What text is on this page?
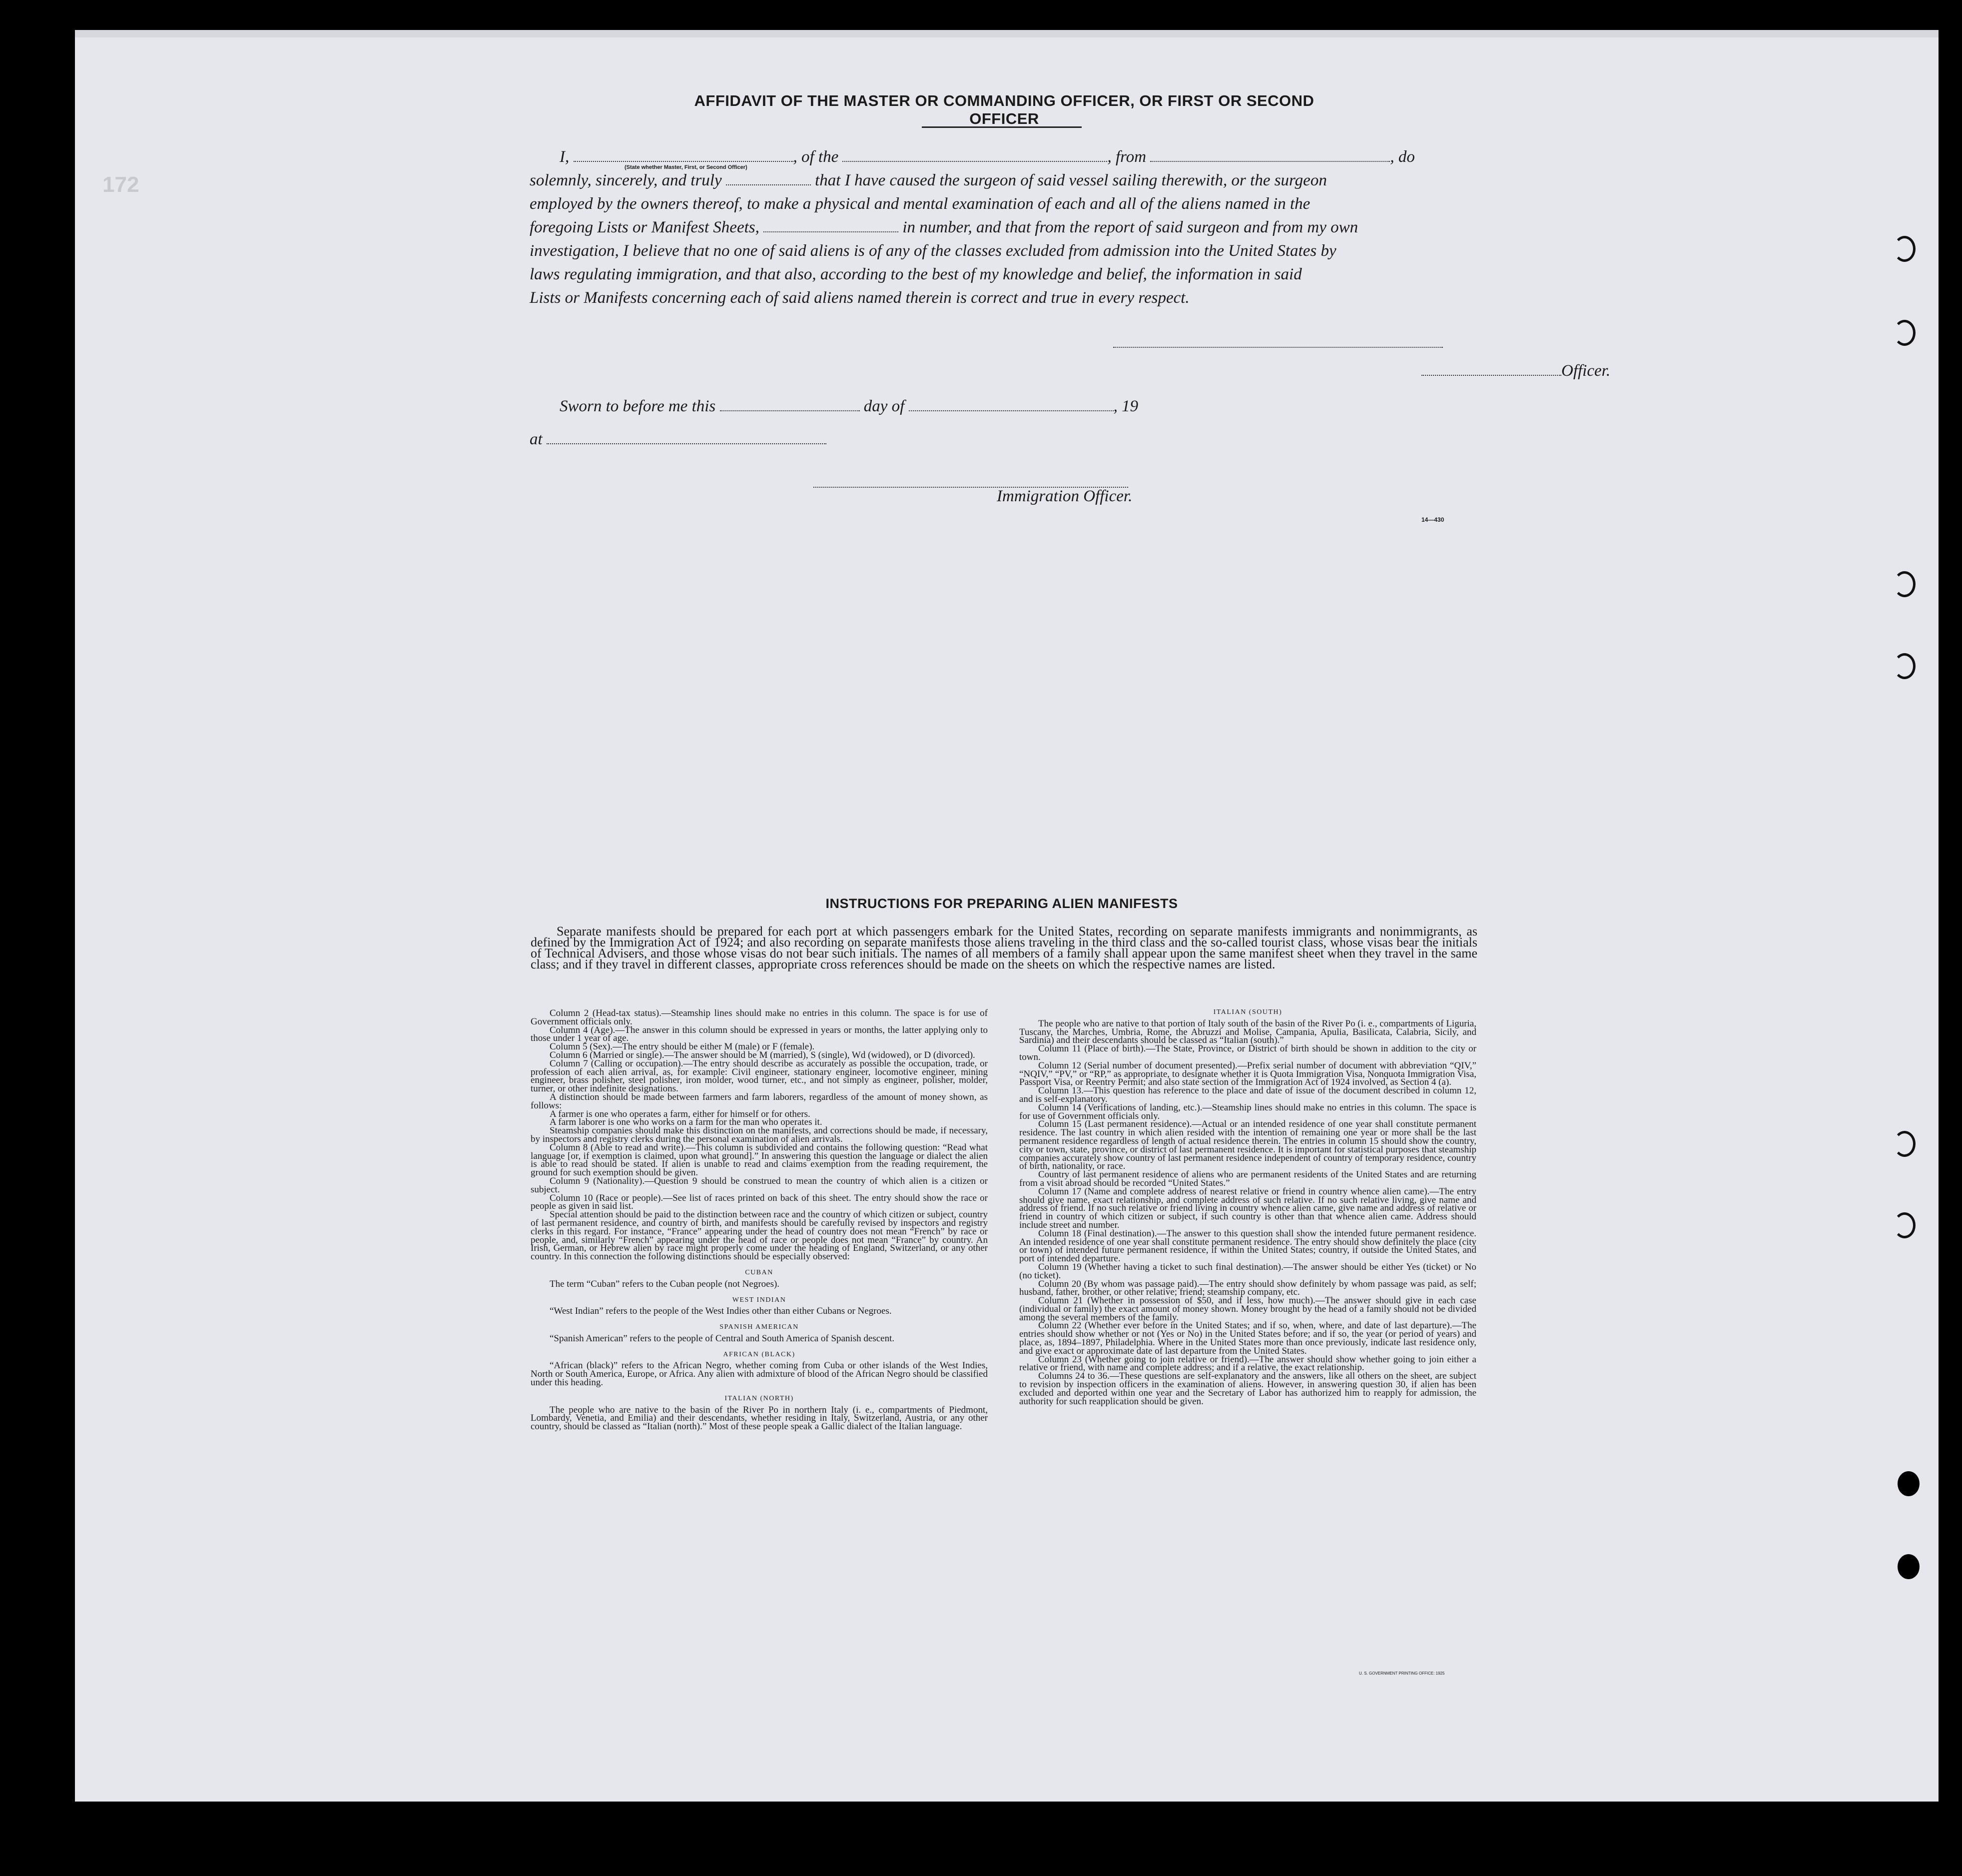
172
AFFIDAVIT OF THE MASTER OR COMMANDING OFFICER, OR FIRST OR SECOND OFFICER
I,	, of the	, from	, do
(State whether Master, First, or Second Officer)
solemnly, sincerely, and truly	that I have caused the surgeon of said vessel sailing therewith, or the surgeon
employed by the owners thereof, to make a physical and mental examination of each and all of the aliens named in the
foregoing Lists or Manifest Sheets,	in number, and that from the report of said surgeon and from my own
investigation, I believe that no one of said aliens is of any of the classes excluded from admission into the United States by
laws regulating immigration, and that also, according to the best of my knowledge and belief, the information in said
Lists or Manifests concerning each of said aliens named therein is correct and true in every respect.
Officer.
Sworn to before me this	day of	, 19
at
Immigration Officer.
14—430
INSTRUCTIONS FOR PREPARING ALIEN MANIFESTS
Separate manifests should be prepared for each port at which passengers embark for the United States, recording on separate manifests immigrants and nonimmigrants, as defined by the Immigration Act of 1924; and also recording on separate manifests those aliens traveling in the third class and the so-called tourist class, whose visas bear the initials of Technical Advisers, and those whose visas do not bear such initials. The names of all members of a family shall appear upon the same manifest sheet when they travel in the same class; and if they travel in different classes, appropriate cross references should be made on the sheets on which the respective names are listed.

Column 2 (Head-tax status).—Steamship lines should make no entries in this column. The space is for use of Government officials only.

Column 4 (Age).—The answer in this column should be expressed in years or months, the latter applying only to those under 1 year of age.

Column 5 (Sex).—The entry should be either M (male) or F (female).

Column 6 (Married or single).—The answer should be M (married), S (single), Wd (widowed), or D (divorced).

Column 7 (Calling or occupation).—The entry should describe as accurately as possible the occupation, trade, or profession of each alien arrival, as, for example: Civil engineer, stationary engineer, locomotive engineer, mining engineer, brass polisher, steel polisher, iron molder, wood turner, etc., and not simply as engineer, polisher, molder, turner, or other indefinite designations.

A distinction should be made between farmers and farm laborers, regardless of the amount of money shown, as follows:

A farmer is one who operates a farm, either for himself or for others.

A farm laborer is one who works on a farm for the man who operates it.

Steamship companies should make this distinction on the manifests, and corrections should be made, if necessary, by inspectors and registry clerks during the personal examination of alien arrivals.

Column 8 (Able to read and write).—This column is subdivided and contains the following question: “Read what language [or, if exemption is claimed, upon what ground].” In answering this question the language or dialect the alien is able to read should be stated. If alien is unable to read and claims exemption from the reading requirement, the ground for such exemption should be given.

Column 9 (Nationality).—Question 9 should be construed to mean the country of which alien is a citizen or subject.

Column 10 (Race or people).—See list of races printed on back of this sheet. The entry should show the race or people as given in said list.

Special attention should be paid to the distinction between race and the country of which citizen or subject, country of last permanent residence, and country of birth, and manifests should be carefully revised by inspectors and registry clerks in this regard. For instance, “France” appearing under the head of country does not mean “French” by race or people, and, similarly “French” appearing under the head of race or people does not mean “France” by country. An Irish, German, or Hebrew alien by race might properly come under the heading of England, Switzerland, or any other country. In this connection the following distinctions should be especially observed:

CUBAN

The term “Cuban” refers to the Cuban people (not Negroes).

WEST INDIAN

“West Indian” refers to the people of the West Indies other than either Cubans or Negroes.

SPANISH AMERICAN

“Spanish American” refers to the people of Central and South America of Spanish descent.

AFRICAN (BLACK)

“African (black)” refers to the African Negro, whether coming from Cuba or other islands of the West Indies, North or South America, Europe, or Africa. Any alien with admixture of blood of the African Negro should be classified under this heading.

ITALIAN (NORTH)

The people who are native to the basin of the River Po in northern Italy (i. e., compartments of Piedmont, Lombardy, Venetia, and Emilia) and their descendants, whether residing in Italy, Switzerland, Austria, or any other country, should be classed as “Italian (north).” Most of these people speak a Gallic dialect of the Italian language.

ITALIAN (SOUTH)

The people who are native to that portion of Italy south of the basin of the River Po (i. e., compartments of Liguria, Tuscany, the Marches, Umbria, Rome, the Abruzzi and Molise, Campania, Apulia, Basilicata, Calabria, Sicily, and Sardinia) and their descendants should be classed as “Italian (south).”

Column 11 (Place of birth).—The State, Province, or District of birth should be shown in addition to the city or town.

Column 12 (Serial number of document presented).—Prefix serial number of document with abbreviation “QIV,” “NQIV,” “PV,” or “RP,” as appropriate, to designate whether it is Quota Immigration Visa, Nonquota Immigration Visa, Passport Visa, or Reentry Permit; and also state section of the Immigration Act of 1924 involved, as Section 4 (a).

Column 13.—This question has reference to the place and date of issue of the document described in column 12, and is self-explanatory.

Column 14 (Verifications of landing, etc.).—Steamship lines should make no entries in this column. The space is for use of Government officials only.

Column 15 (Last permanent residence).—Actual or an intended residence of one year shall constitute permanent residence. The last country in which alien resided with the intention of remaining one year or more shall be the last permanent residence regardless of length of actual residence therein. The entries in column 15 should show the country, city or town, state, province, or district of last permanent residence. It is important for statistical purposes that steamship companies accurately show country of last permanent residence independent of country of temporary residence, country of birth, nationality, or race.

Country of last permanent residence of aliens who are permanent residents of the United States and are returning from a visit abroad should be recorded “United States.”

Column 17 (Name and complete address of nearest relative or friend in country whence alien came).—The entry should give name, exact relationship, and complete address of such relative. If no such relative living, give name and address of friend. If no such relative or friend living in country whence alien came, give name and address of relative or friend in country of which citizen or subject, if such country is other than that whence alien came. Address should include street and number.

Column 18 (Final destination).—The answer to this question shall show the intended future permanent residence. An intended residence of one year shall constitute permanent residence. The entry should show definitely the place (city or town) of intended future permanent residence, if within the United States; country, if outside the United States, and port of intended departure.

Column 19 (Whether having a ticket to such final destination).—The answer should be either Yes (ticket) or No (no ticket).

Column 20 (By whom was passage paid).—The entry should show definitely by whom passage was paid, as self; husband, father, brother, or other relative; friend; steamship company, etc.

Column 21 (Whether in possession of $50, and if less, how much).—The answer should give in each case (individual or family) the exact amount of money shown. Money brought by the head of a family should not be divided among the several members of the family.

Column 22 (Whether ever before in the United States; and if so, when, where, and date of last departure).—The entries should show whether or not (Yes or No) in the United States before; and if so, the year (or period of years) and place, as, 1894–1897, Philadelphia. Where in the United States more than once previously, indicate last residence only, and give exact or approximate date of last departure from the United States.

Column 23 (Whether going to join relative or friend).—The answer should show whether going to join either a relative or friend, with name and complete address; and if a relative, the exact relationship.

Columns 24 to 36.—These questions are self-explanatory and the answers, like all others on the sheet, are subject to revision by inspection officers in the examination of aliens. However, in answering question 30, if alien has been excluded and deported within one year and the Secretary of Labor has authorized him to reapply for admission, the authority for such reapplication should be given.

U. S. GOVERNMENT PRINTING OFFICE: 1925
